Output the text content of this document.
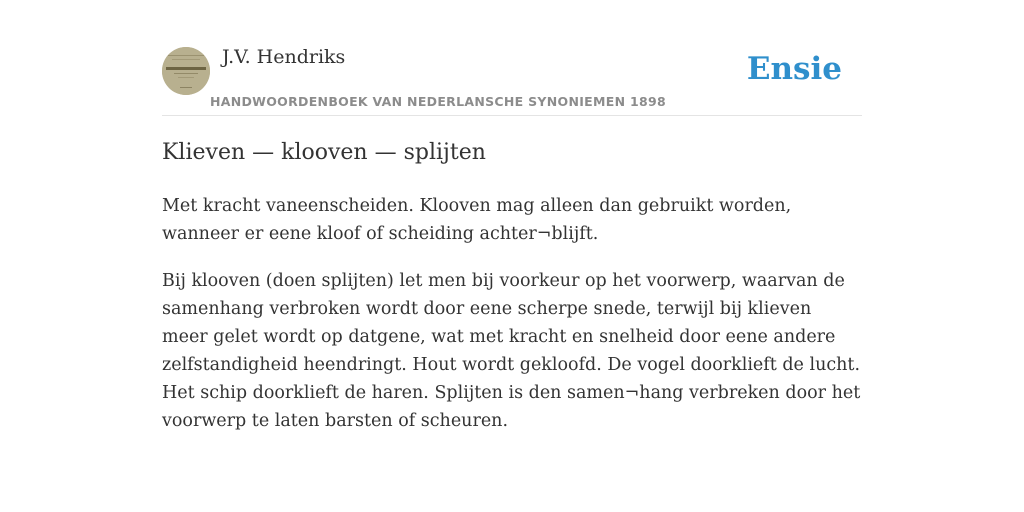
J.V. Hendriks
HANDWOORDENBOEK VAN NEDERLANSCHE SYNONIEMEN 1898
Ensie
Klieven — klooven — splijten

Met kracht vaneenscheiden. Klooven mag alleen dan gebruikt worden, wanneer er eene kloof of scheiding achter¬blijft.

Bij klooven (doen splijten) let men bij voorkeur op het voorwerp, waarvan de samenhang verbroken wordt door eene scherpe snede, terwijl bij klieven meer gelet wordt op datgene, wat met kracht en snelheid door eene andere zelfstandigheid heendringt. Hout wordt gekloofd. De vogel doorklieft de lucht. Het schip doorklieft de haren. Splijten is den samen¬hang verbreken door het voorwerp te laten barsten of scheuren.
